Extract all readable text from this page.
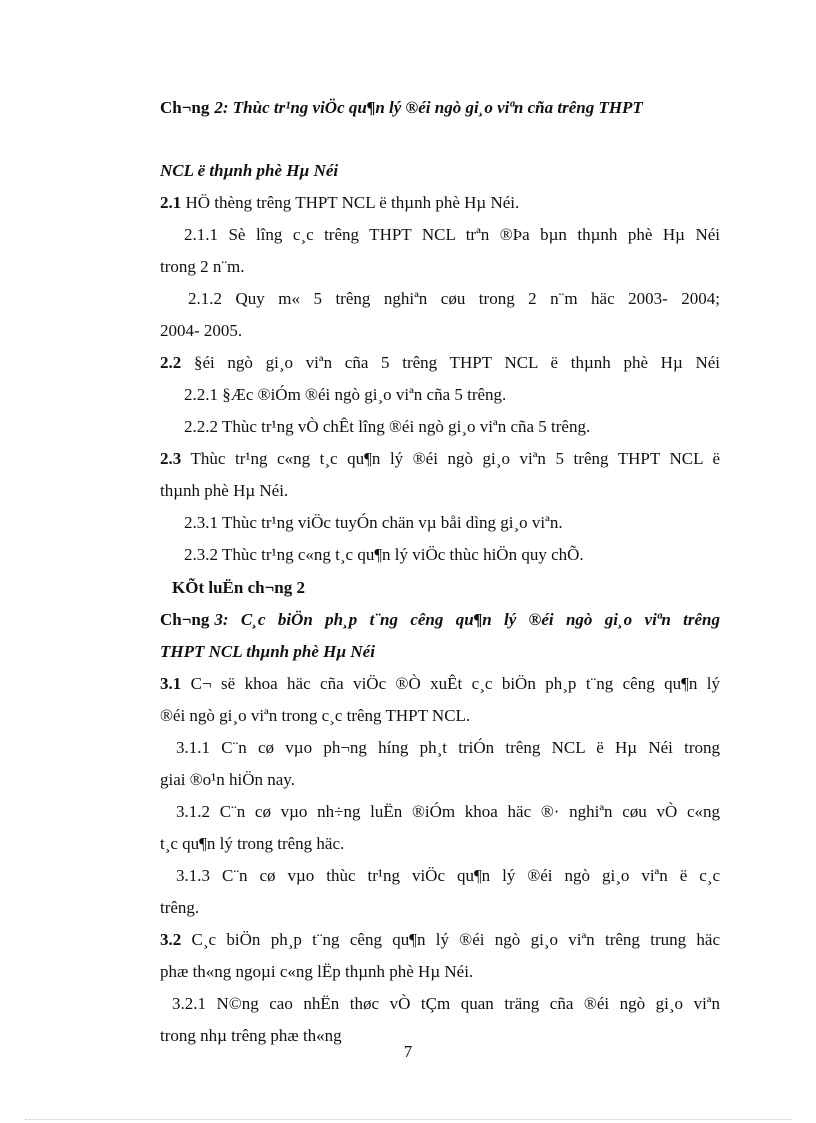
Ch¬ng 2: Thùc tr¹ng viÖc qu¶n lý ®éi ngò gi¸o viªn cña trêng THPT
NCL ë thµnh phè Hµ Néi
2.1 HÖ thèng trêng THPT NCL ë thµnh phè Hµ Néi.
2.1.1 Sè lîng c¸c trêng THPT NCL trªn ®Þa bµn thµnh phè Hµ Néi
trong 2 n¨m.
2.1.2 Quy m« 5 trêng nghiªn cøu trong 2 n¨m häc 2003- 2004;
2004- 2005.
2.2 §éi ngò gi¸o viªn cña 5 trêng THPT NCL ë thµnh phè Hµ Néi
2.2.1 §Æc ®iÓm ®éi ngò gi¸o viªn cña 5 trêng.
2.2.2 Thùc tr¹ng vÒ chÊt lîng ®éi ngò gi¸o viªn cña 5 trêng.
2.3 Thùc tr¹ng c«ng t¸c qu¶n lý ®éi ngò gi¸o viªn 5 trêng THPT NCL ë
thµnh phè Hµ Néi.
2.3.1 Thùc tr¹ng viÖc tuyÓn chän vµ båi dìng gi¸o viªn.
2.3.2 Thùc tr¹ng c«ng t¸c qu¶n lý viÖc thùc hiÖn quy chÕ.
KÕt luËn ch¬ng 2
Ch¬ng 3: C¸c biÖn ph¸p t¨ng cêng qu¶n lý ®éi ngò gi¸o viªn trêng
THPT NCL thµnh phè Hµ Néi
3.1 C¬ së khoa häc cña viÖc ®Ò xuÊt c¸c biÖn ph¸p t¨ng cêng qu¶n lý
®éi ngò gi¸o viªn trong c¸c trêng THPT NCL.
3.1.1 C¨n cø vµo ph¬ng híng ph¸t triÓn trêng NCL ë Hµ Néi trong
giai ®o¹n hiÖn nay.
3.1.2 C¨n cø vµo nh÷ng luËn ®iÓm khoa häc ®· nghiªn cøu vÒ c«ng
t¸c qu¶n lý trong trêng häc.
3.1.3 C¨n cø vµo thùc tr¹ng viÖc qu¶n lý ®éi ngò gi¸o viªn ë c¸c
trêng.
3.2 C¸c biÖn ph¸p t¨ng cêng qu¶n lý ®éi ngò gi¸o viªn trêng trung häc
phæ th«ng ngoµi c«ng lËp thµnh phè Hµ Néi.
3.2.1 N©ng cao nhËn thøc vÒ tÇm quan träng cña ®éi ngò gi¸o viªn
trong nhµ trêng phæ th«ng
7
